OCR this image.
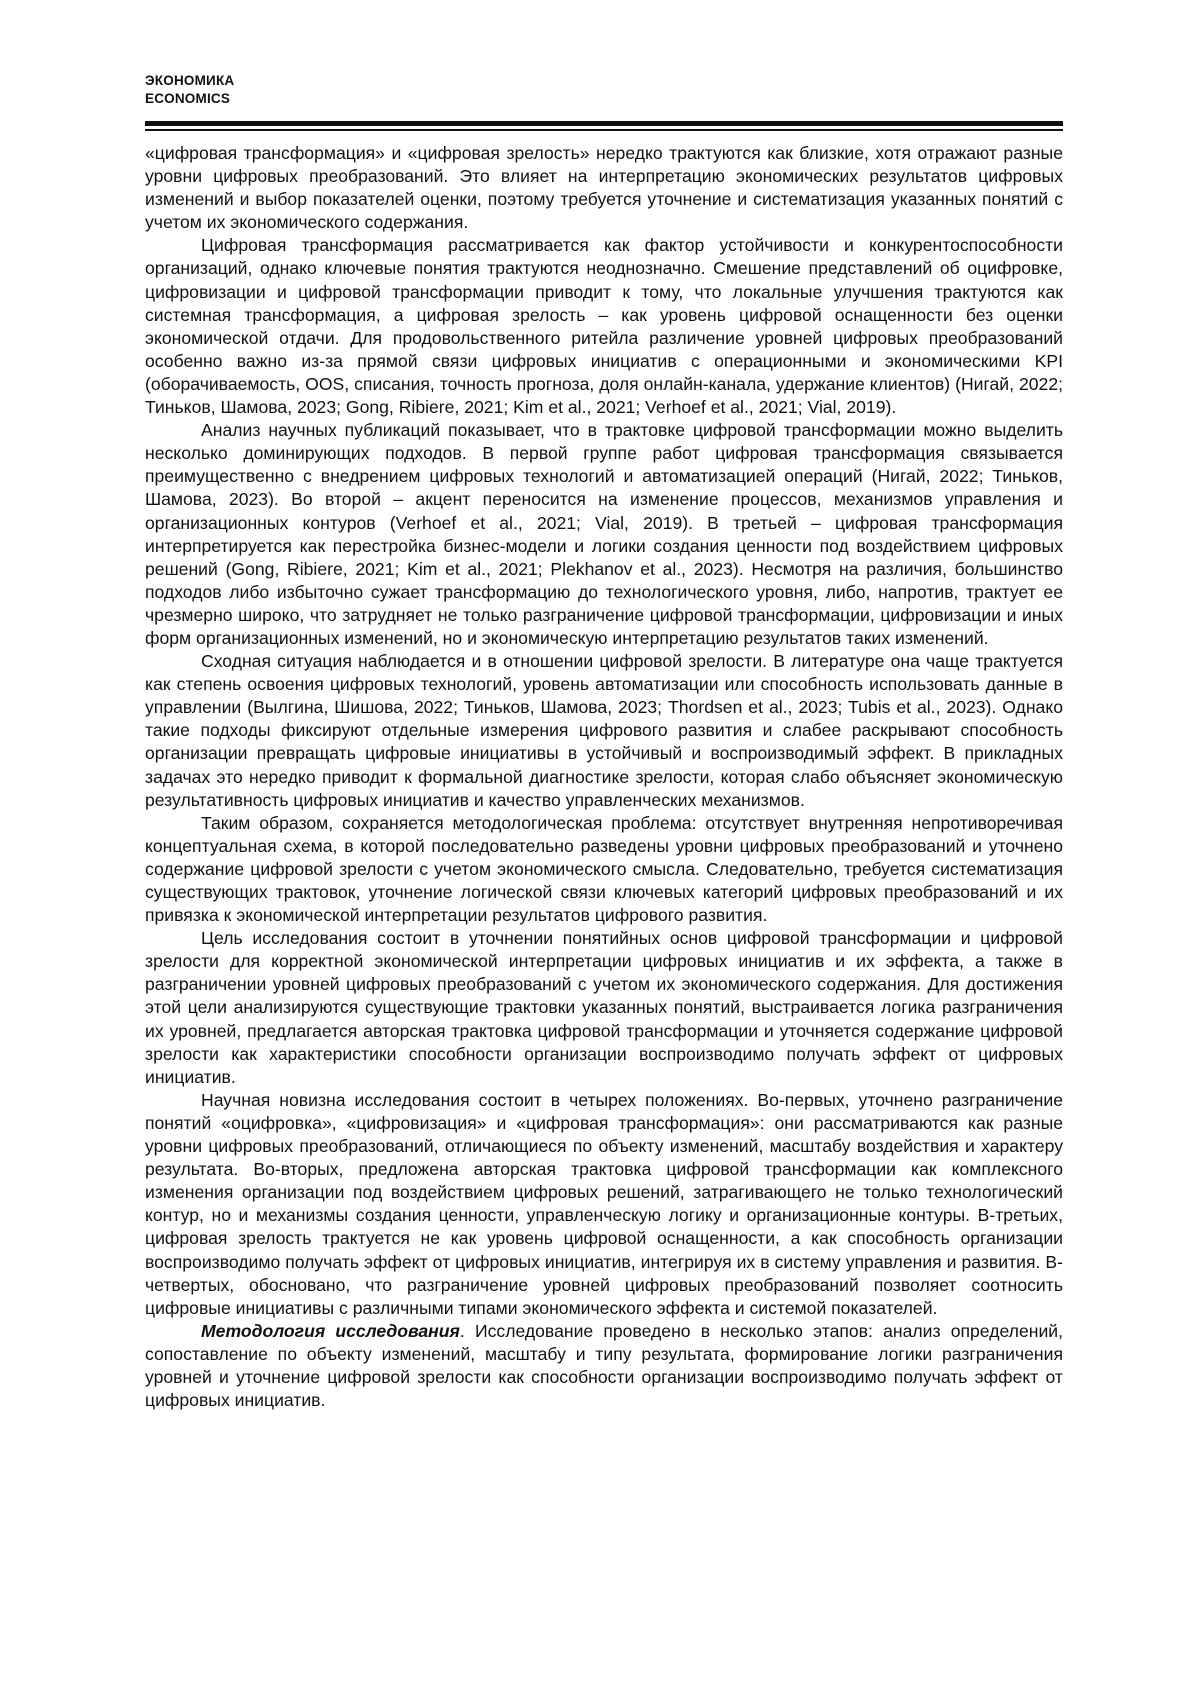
ЭКОНОМИКА
ECONOMICS

«цифровая трансформация» и «цифровая зрелость» нередко трактуются как близкие, хотя отражают разные уровни цифровых преобразований. Это влияет на интерпретацию экономических результатов цифровых изменений и выбор показателей оценки, поэтому требуется уточнение и систематизация указанных понятий с учетом их экономического содержания.

Цифровая трансформация рассматривается как фактор устойчивости и конкурентоспособности организаций, однако ключевые понятия трактуются неоднозначно. Смешение представлений об оцифровке, цифровизации и цифровой трансформации приводит к тому, что локальные улучшения трактуются как системная трансформация, а цифровая зрелость – как уровень цифровой оснащенности без оценки экономической отдачи. Для продовольственного ритейла различение уровней цифровых преобразований особенно важно из-за прямой связи цифровых инициатив с операционными и экономическими KPI (оборачиваемость, OOS, списания, точность прогноза, доля онлайн-канала, удержание клиентов) (Нигай, 2022; Тиньков, Шамова, 2023; Gong, Ribiere, 2021; Kim et al., 2021; Verhoef et al., 2021; Vial, 2019).

Анализ научных публикаций показывает, что в трактовке цифровой трансформации можно выделить несколько доминирующих подходов. В первой группе работ цифровая трансформация связывается преимущественно с внедрением цифровых технологий и автоматизацией операций (Нигай, 2022; Тиньков, Шамова, 2023). Во второй – акцент переносится на изменение процессов, механизмов управления и организационных контуров (Verhoef et al., 2021; Vial, 2019). В третьей – цифровая трансформация интерпретируется как перестройка бизнес-модели и логики создания ценности под воздействием цифровых решений (Gong, Ribiere, 2021; Kim et al., 2021; Plekhanov et al., 2023). Несмотря на различия, большинство подходов либо избыточно сужает трансформацию до технологического уровня, либо, напротив, трактует ее чрезмерно широко, что затрудняет не только разграничение цифровой трансформации, цифровизации и иных форм организационных изменений, но и экономическую интерпретацию результатов таких изменений.

Сходная ситуация наблюдается и в отношении цифровой зрелости. В литературе она чаще трактуется как степень освоения цифровых технологий, уровень автоматизации или способность использовать данные в управлении (Вылгина, Шишова, 2022; Тиньков, Шамова, 2023; Thordsen et al., 2023; Tubis et al., 2023). Однако такие подходы фиксируют отдельные измерения цифрового развития и слабее раскрывают способность организации превращать цифровые инициативы в устойчивый и воспроизводимый эффект. В прикладных задачах это нередко приводит к формальной диагностике зрелости, которая слабо объясняет экономическую результативность цифровых инициатив и качество управленческих механизмов.

Таким образом, сохраняется методологическая проблема: отсутствует внутренняя непротиворечивая концептуальная схема, в которой последовательно разведены уровни цифровых преобразований и уточнено содержание цифровой зрелости с учетом экономического смысла. Следовательно, требуется систематизация существующих трактовок, уточнение логической связи ключевых категорий цифровых преобразований и их привязка к экономической интерпретации результатов цифрового развития.

Цель исследования состоит в уточнении понятийных основ цифровой трансформации и цифровой зрелости для корректной экономической интерпретации цифровых инициатив и их эффекта, а также в разграничении уровней цифровых преобразований с учетом их экономического содержания. Для достижения этой цели анализируются существующие трактовки указанных понятий, выстраивается логика разграничения их уровней, предлагается авторская трактовка цифровой трансформации и уточняется содержание цифровой зрелости как характеристики способности организации воспроизводимо получать эффект от цифровых инициатив.

Научная новизна исследования состоит в четырех положениях. Во-первых, уточнено разграничение понятий «оцифровка», «цифровизация» и «цифровая трансформация»: они рассматриваются как разные уровни цифровых преобразований, отличающиеся по объекту изменений, масштабу воздействия и характеру результата. Во-вторых, предложена авторская трактовка цифровой трансформации как комплексного изменения организации под воздействием цифровых решений, затрагивающего не только технологический контур, но и механизмы создания ценности, управленческую логику и организационные контуры. В-третьих, цифровая зрелость трактуется не как уровень цифровой оснащенности, а как способность организации воспроизводимо получать эффект от цифровых инициатив, интегрируя их в систему управления и развития. В-четвертых, обосновано, что разграничение уровней цифровых преобразований позволяет соотносить цифровые инициативы с различными типами экономического эффекта и системой показателей.

Методология исследования. Исследование проведено в несколько этапов: анализ определений, сопоставление по объекту изменений, масштабу и типу результата, формирование логики разграничения уровней и уточнение цифровой зрелости как способности организации воспроизводимо получать эффект от цифровых инициатив.
